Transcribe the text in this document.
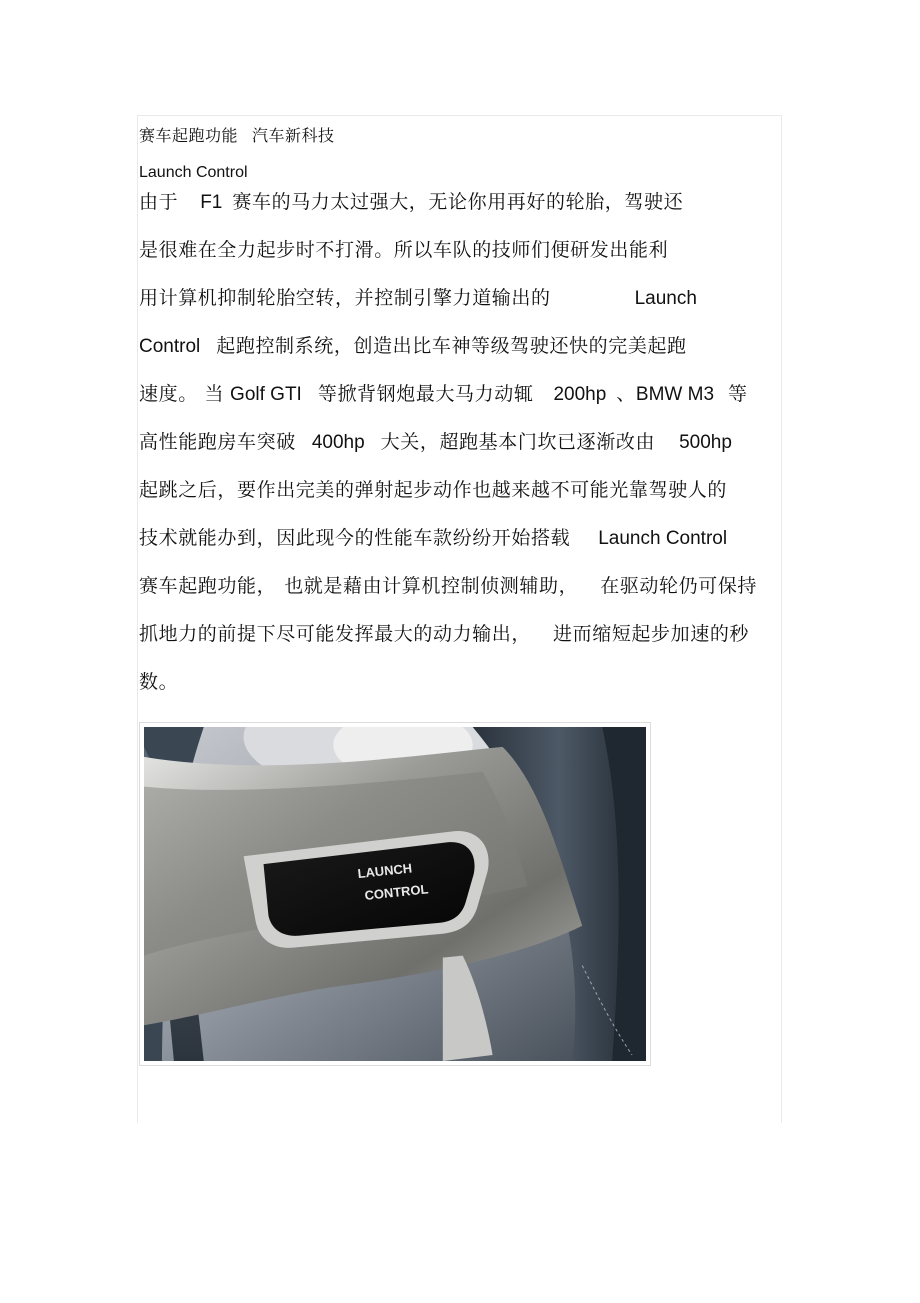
赛车起跑功能 汽车新科技
Launch Control
由于 F1 赛车的马力太过强大，无论你用再好的轮胎，驾驶还
是很难在全力起步时不打滑。所以车队的技师们便研发出能利
用计算机抑制轮胎空转，并控制引擎力道输出的	Launch
Control 起跑控制系统，创造出比车神等级驾驶还快的完美起跑
速度。 当 Golf GTI 等掀背钢炮最大马力动辄 200hp 、BMW M3 等
高性能跑房车突破 400hp 大关，超跑基本门坎已逐渐改由 500hp
起跳之后，要作出完美的弹射起步动作也越来越不可能光靠驾驶人的
技术就能办到，因此现今的性能车款纷纷开始搭载 Launch Control
赛车起跑功能， 也就是藉由计算机控制侦测辅助， 在驱动轮仍可保持
抓地力的前提下尽可能发挥最大的动力输出， 进而缩短起步加速的秒
数。
LAUNCH
CONTROL
